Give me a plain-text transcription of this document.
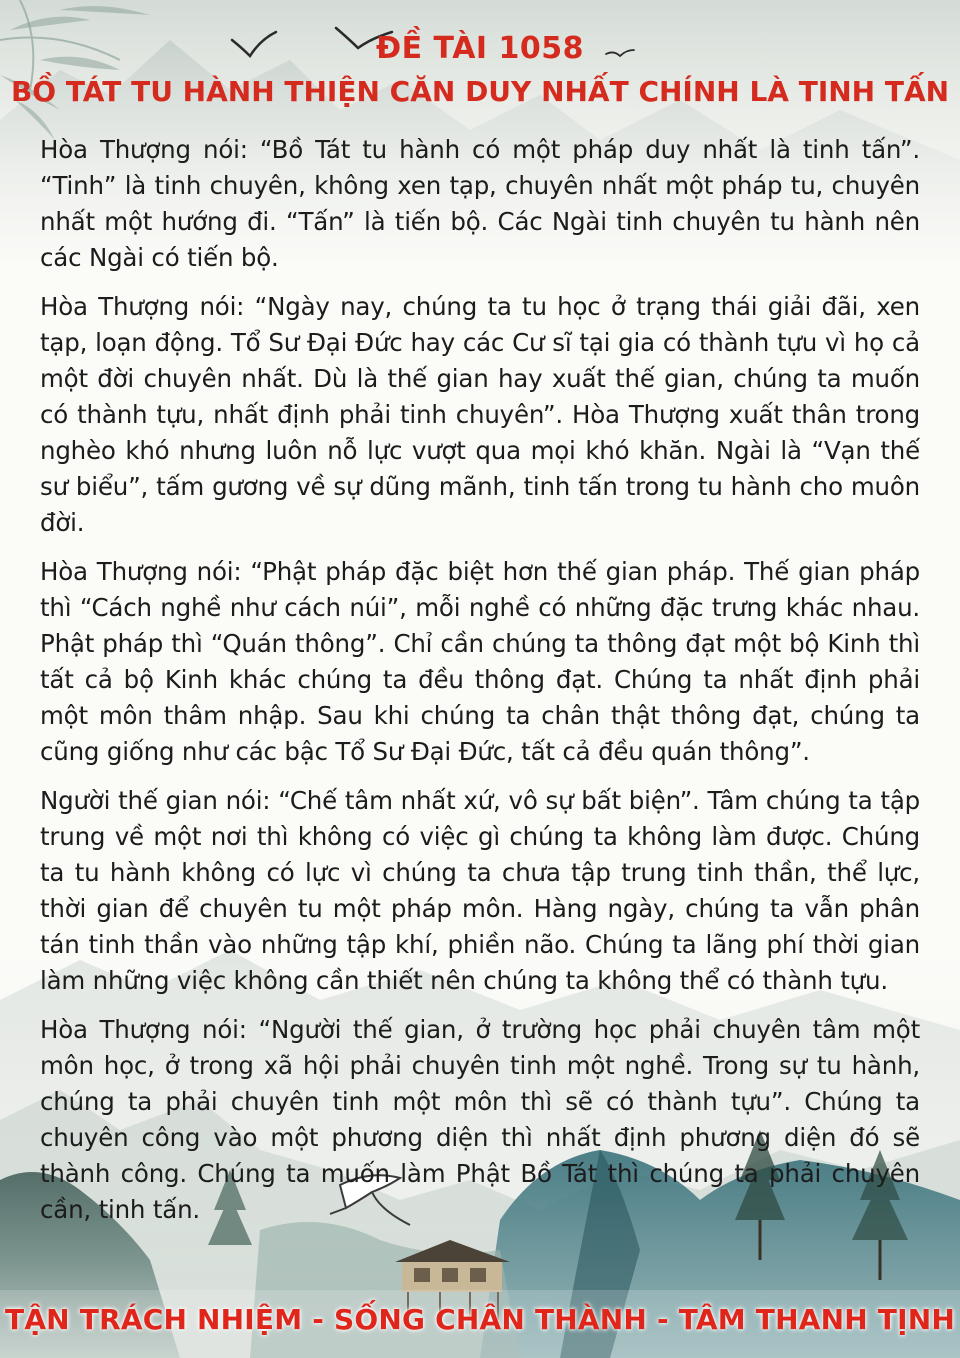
ĐỀ TÀI 1058
BỒ TÁT TU HÀNH THIỆN CĂN DUY NHẤT CHÍNH LÀ TINH TẤN

Hòa Thượng nói: “Bồ Tát tu hành có một pháp duy nhất là tinh tấn”. “Tinh” là tinh chuyên, không xen tạp, chuyên nhất một pháp tu, chuyên nhất một hướng đi. “Tấn” là tiến bộ. Các Ngài tinh chuyên tu hành nên các Ngài có tiến bộ.

Hòa Thượng nói: “Ngày nay, chúng ta tu học ở trạng thái giải đãi, xen tạp, loạn động. Tổ Sư Đại Đức hay các Cư sĩ tại gia có thành tựu vì họ cả một đời chuyên nhất. Dù là thế gian hay xuất thế gian, chúng ta muốn có thành tựu, nhất định phải tinh chuyên”. Hòa Thượng xuất thân trong nghèo khó nhưng luôn nỗ lực vượt qua mọi khó khăn. Ngài là “Vạn thế sư biểu”, tấm gương về sự dũng mãnh, tinh tấn trong tu hành cho muôn đời.

Hòa Thượng nói: “Phật pháp đặc biệt hơn thế gian pháp. Thế gian pháp thì “Cách nghề như cách núi”, mỗi nghề có những đặc trưng khác nhau. Phật pháp thì “Quán thông”. Chỉ cần chúng ta thông đạt một bộ Kinh thì tất cả bộ Kinh khác chúng ta đều thông đạt. Chúng ta nhất định phải một môn thâm nhập. Sau khi chúng ta chân thật thông đạt, chúng ta cũng giống như các bậc Tổ Sư Đại Đức, tất cả đều quán thông”.

Người thế gian nói: “Chế tâm nhất xứ, vô sự bất biện”. Tâm chúng ta tập trung về một nơi thì không có việc gì chúng ta không làm được. Chúng ta tu hành không có lực vì chúng ta chưa tập trung tinh thần, thể lực, thời gian để chuyên tu một pháp môn. Hàng ngày, chúng ta vẫn phân tán tinh thần vào những tập khí, phiền não. Chúng ta lãng phí thời gian làm những việc không cần thiết nên chúng ta không thể có thành tựu.

Hòa Thượng nói: “Người thế gian, ở trường học phải chuyên tâm một môn học, ở trong xã hội phải chuyên tinh một nghề. Trong sự tu hành, chúng ta phải chuyên tinh một môn thì sẽ có thành tựu”. Chúng ta chuyên công vào một phương diện thì nhất định phương diện đó sẽ thành công. Chúng ta muốn làm Phật Bồ Tát thì chúng ta phải chuyên cần, tinh tấn.

TẬN TRÁCH NHIỆM - SỐNG CHÂN THÀNH - TÂM THANH TỊNH
